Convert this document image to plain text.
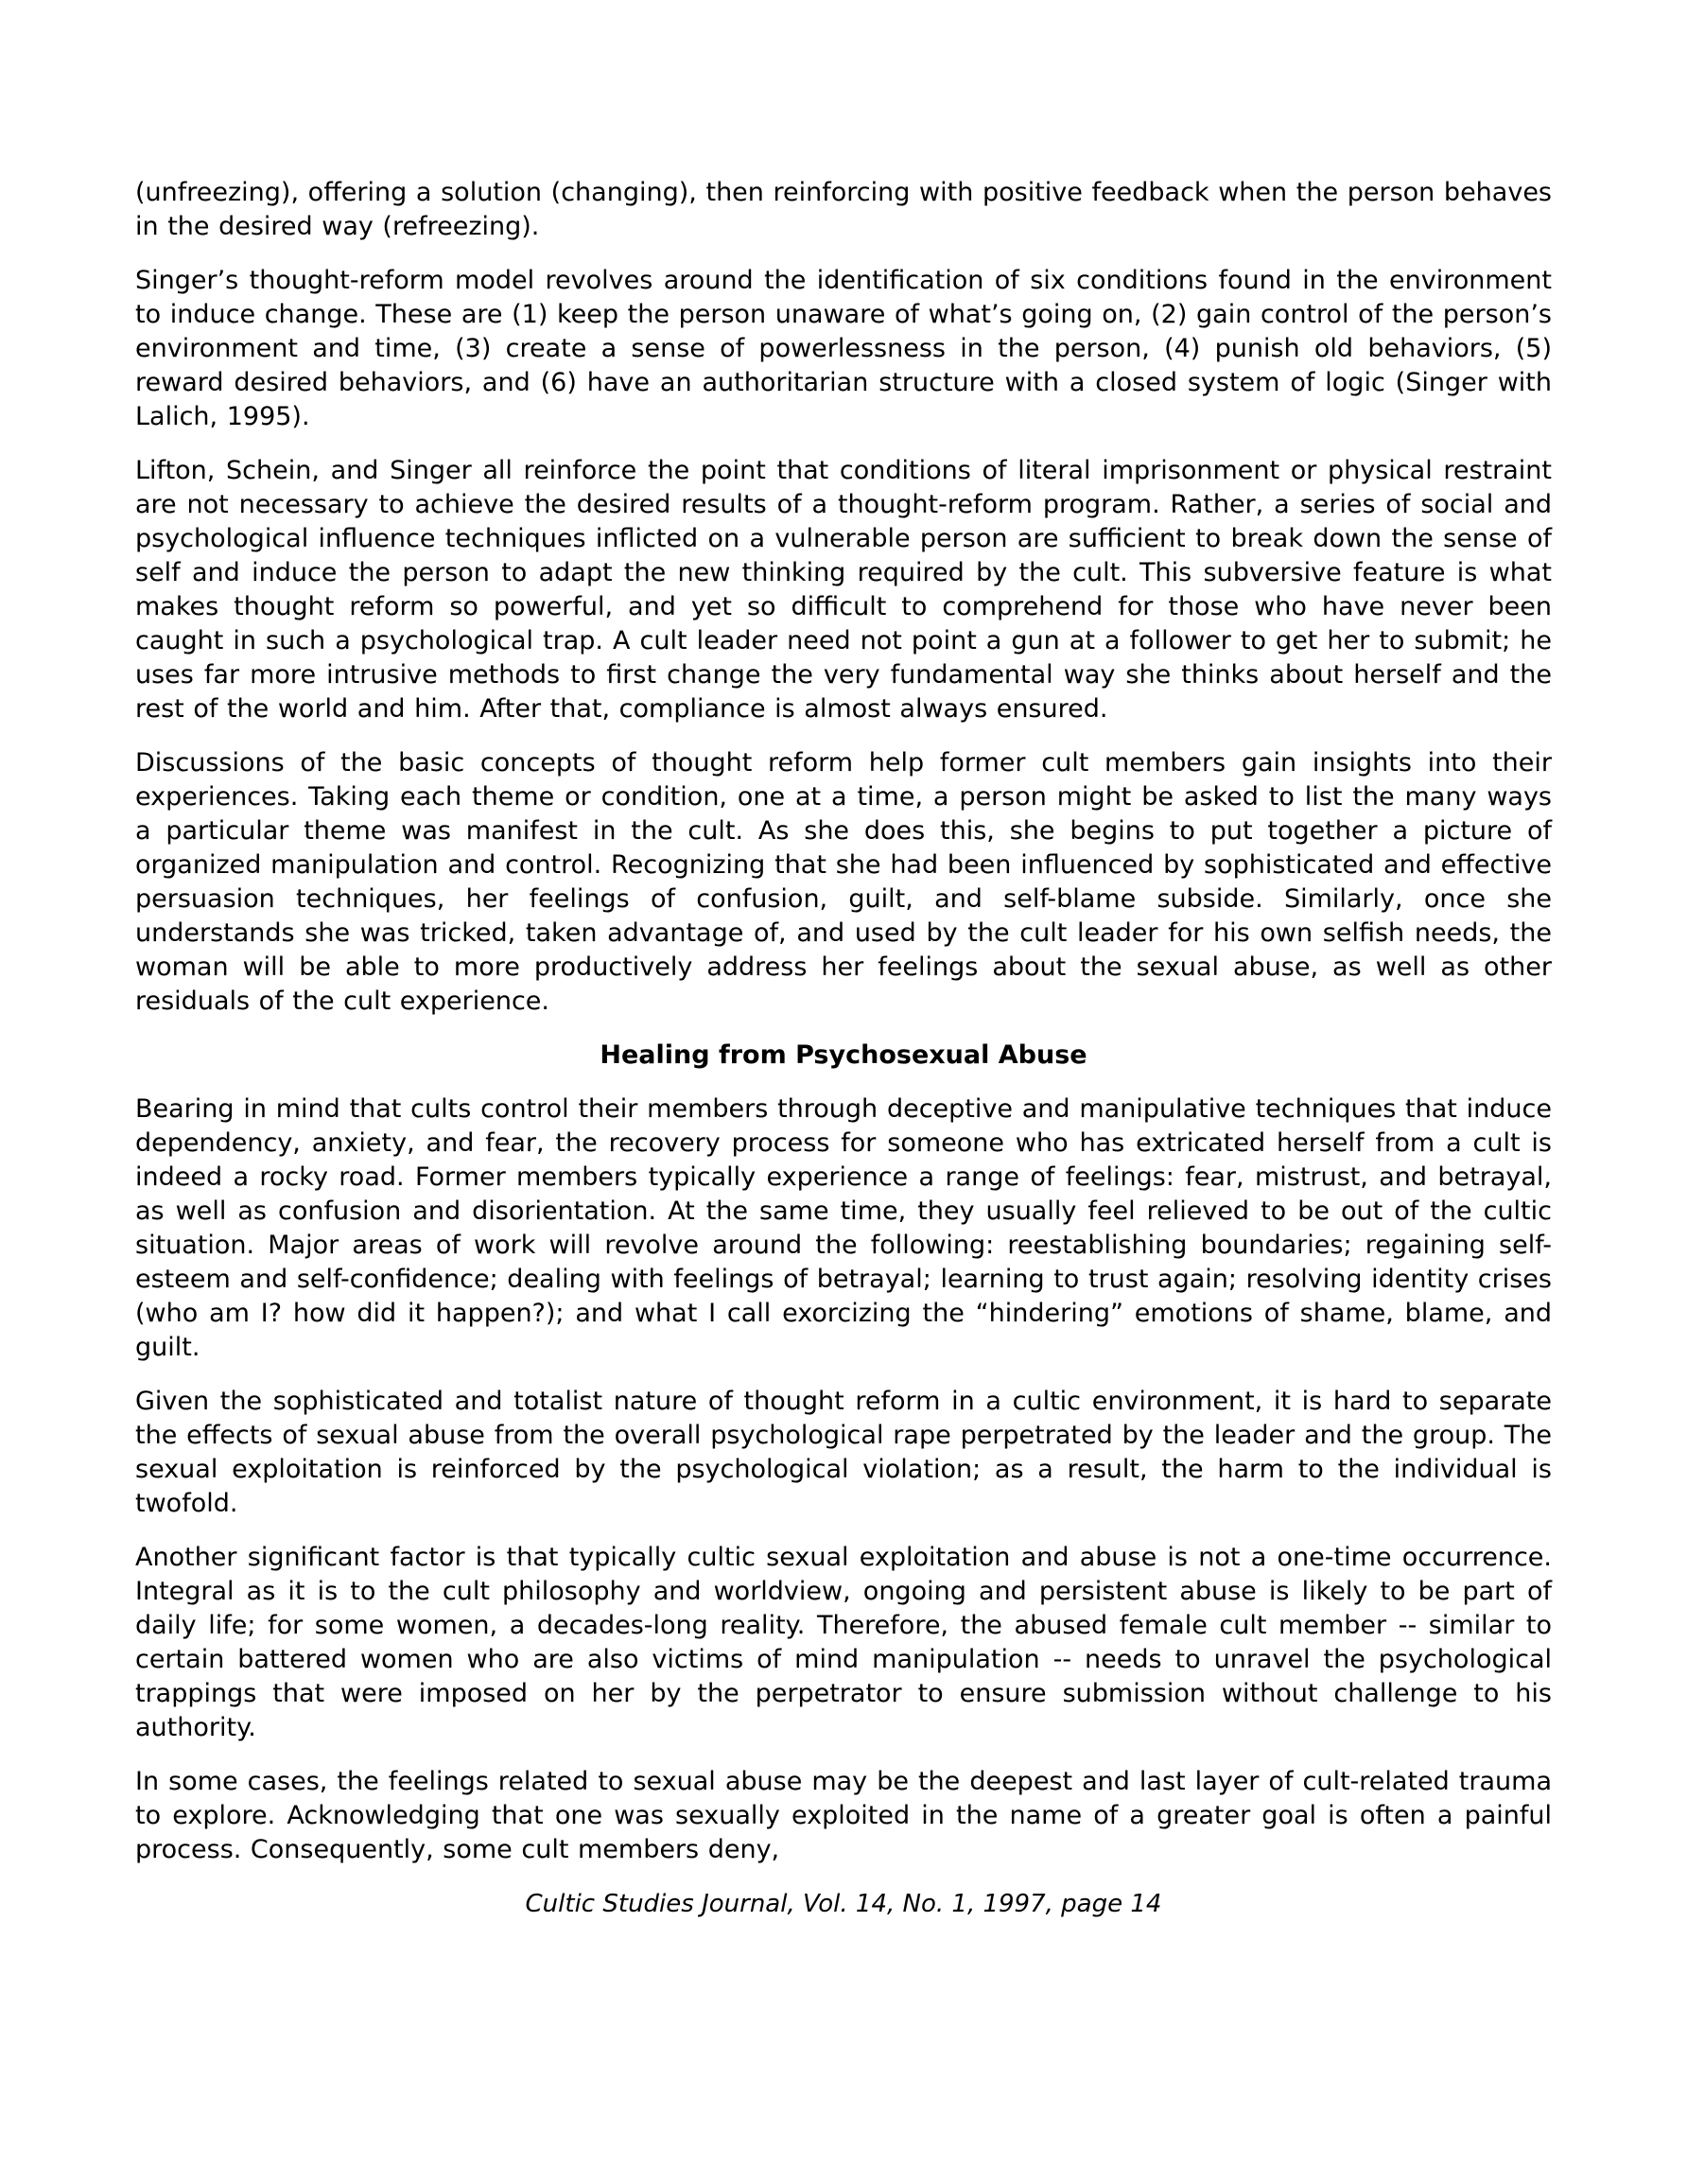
(unfreezing), offering a solution (changing), then reinforcing with positive feedback when the person behaves in the desired way (refreezing).

Singer’s thought-reform model revolves around the identification of six conditions found in the environment to induce change. These are (1) keep the person unaware of what’s going on, (2) gain control of the person’s environment and time, (3) create a sense of powerlessness in the person, (4) punish old behaviors, (5) reward desired behaviors, and (6) have an authoritarian structure with a closed system of logic (Singer with Lalich, 1995).

Lifton, Schein, and Singer all reinforce the point that conditions of literal imprisonment or physical restraint are not necessary to achieve the desired results of a thought-reform program. Rather, a series of social and psychological influence techniques inflicted on a vulnerable person are sufficient to break down the sense of self and induce the person to adapt the new thinking required by the cult. This subversive feature is what makes thought reform so powerful, and yet so difficult to comprehend for those who have never been caught in such a psychological trap. A cult leader need not point a gun at a follower to get her to submit; he uses far more intrusive methods to first change the very fundamental way she thinks about herself and the rest of the world and him. After that, compliance is almost always ensured.

Discussions of the basic concepts of thought reform help former cult members gain insights into their experiences. Taking each theme or condition, one at a time, a person might be asked to list the many ways a particular theme was manifest in the cult. As she does this, she begins to put together a picture of organized manipulation and control. Recognizing that she had been influenced by sophisticated and effective persuasion techniques, her feelings of confusion, guilt, and self-blame subside. Similarly, once she understands she was tricked, taken advantage of, and used by the cult leader for his own selfish needs, the woman will be able to more productively address her feelings about the sexual abuse, as well as other residuals of the cult experience.

Healing from Psychosexual Abuse

Bearing in mind that cults control their members through deceptive and manipulative techniques that induce dependency, anxiety, and fear, the recovery process for someone who has extricated herself from a cult is indeed a rocky road. Former members typically experience a range of feelings: fear, mistrust, and betrayal, as well as confusion and disorientation. At the same time, they usually feel relieved to be out of the cultic situation. Major areas of work will revolve around the following: reestablishing boundaries; regaining self-esteem and self-confidence; dealing with feelings of betrayal; learning to trust again; resolving identity crises (who am I? how did it happen?); and what I call exorcizing the “hindering” emotions of shame, blame, and guilt.

Given the sophisticated and totalist nature of thought reform in a cultic environment, it is hard to separate the effects of sexual abuse from the overall psychological rape perpetrated by the leader and the group. The sexual exploitation is reinforced by the psychological violation; as a result, the harm to the individual is twofold.

Another significant factor is that typically cultic sexual exploitation and abuse is not a one-time occurrence. Integral as it is to the cult philosophy and worldview, ongoing and persistent abuse is likely to be part of daily life; for some women, a decades-long reality. Therefore, the abused female cult member -- similar to certain battered women who are also victims of mind manipulation -- needs to unravel the psychological trappings that were imposed on her by the perpetrator to ensure submission without challenge to his authority.

In some cases, the feelings related to sexual abuse may be the deepest and last layer of cult-related trauma to explore. Acknowledging that one was sexually exploited in the name of a greater goal is often a painful process. Consequently, some cult members deny,

Cultic Studies Journal, Vol. 14, No. 1, 1997, page 14
